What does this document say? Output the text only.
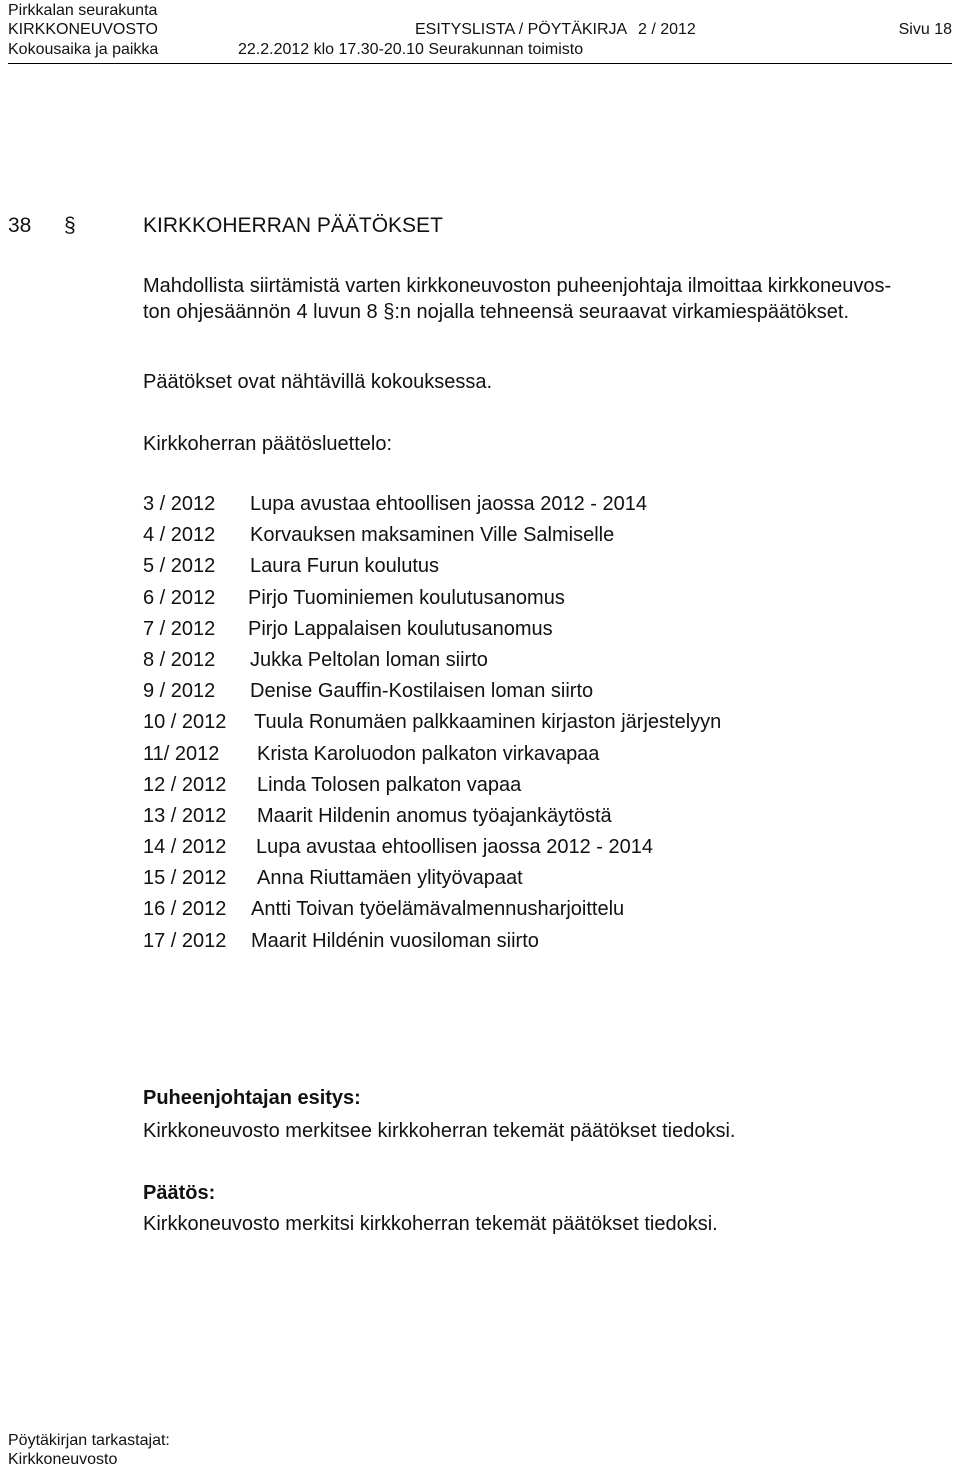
Pirkkalan seurakunta
KIRKKONEUVOSTO	ESITYSLISTA / PÖYTÄKIRJA 2 / 2012	Sivu 18
Kokousaika ja paikka	22.2.2012 klo 17.30-20.10 Seurakunnan toimisto
38 §	KIRKKOHERRAN PÄÄTÖKSET
Mahdollista siirtämistä varten kirkkoneuvoston puheenjohtaja ilmoittaa kirkkoneuvos-
ton ohjesäännön 4 luvun 8 §:n nojalla tehneensä seuraavat virkamiespäätökset.
Päätökset ovat nähtävillä kokouksessa.
Kirkkoherran päätösluettelo:
3 / 2012 Lupa avustaa ehtoollisen jaossa 2012 - 2014
4 / 2012 Korvauksen maksaminen Ville Salmiselle
5 / 2012 Laura Furun koulutus
6 / 2012 Pirjo Tuominiemen koulutusanomus
7 / 2012 Pirjo Lappalaisen koulutusanomus
8 / 2012 Jukka Peltolan loman siirto
9 / 2012 Denise Gauffin-Kostilaisen loman siirto
10 / 2012 Tuula Ronumäen palkkaaminen kirjaston järjestelyyn
11/ 2012 Krista Karoluodon palkaton virkavapaa
12 / 2012 Linda Tolosen palkaton vapaa
13 / 2012 Maarit Hildenin anomus työajankäytöstä
14 / 2012 Lupa avustaa ehtoollisen jaossa 2012 - 2014
15 / 2012 Anna Riuttamäen ylityövapaat
16 / 2012 Antti Toivan työelämävalmennusharjoittelu
17 / 2012 Maarit Hildénin vuosiloman siirto
Puheenjohtajan esitys:
Kirkkoneuvosto merkitsee kirkkoherran tekemät päätökset tiedoksi.
Päätös:
Kirkkoneuvosto merkitsi kirkkoherran tekemät päätökset tiedoksi.
Pöytäkirjan tarkastajat:
Kirkkoneuvosto
